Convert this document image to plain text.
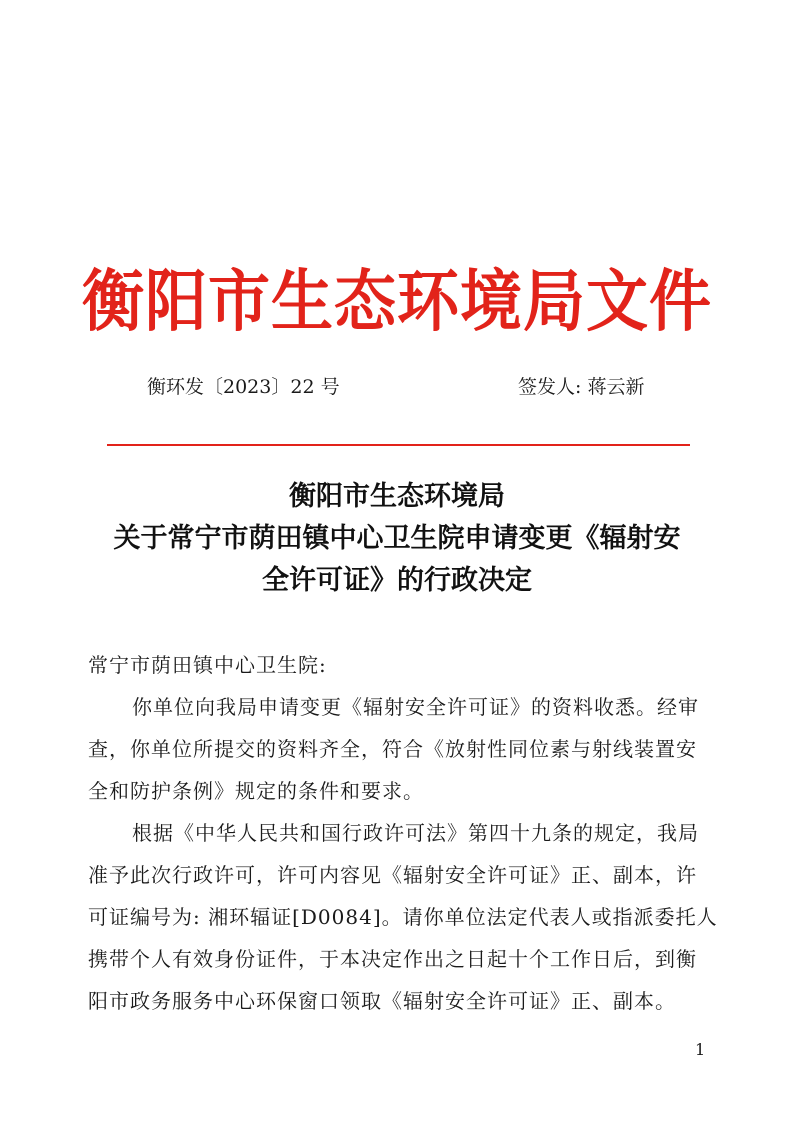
衡阳市生态环境局文件
衡环发〔2023〕22 号	签发人: 蒋云新
衡阳市生态环境局
关于常宁市荫田镇中心卫生院申请变更《辐射安
全许可证》的行政决定
常宁市荫田镇中心卫生院:
你单位向我局申请变更《辐射安全许可证》的资料收悉。经审
查，你单位所提交的资料齐全，符合《放射性同位素与射线装置安
全和防护条例》规定的条件和要求。
根据《中华人民共和国行政许可法》第四十九条的规定，我局
准予此次行政许可，许可内容见《辐射安全许可证》正、副本，许
可证编号为: 湘环辐证[D0084]。请你单位法定代表人或指派委托人
携带个人有效身份证件，于本决定作出之日起十个工作日后，到衡
阳市政务服务中心环保窗口领取《辐射安全许可证》正、副本。
1
